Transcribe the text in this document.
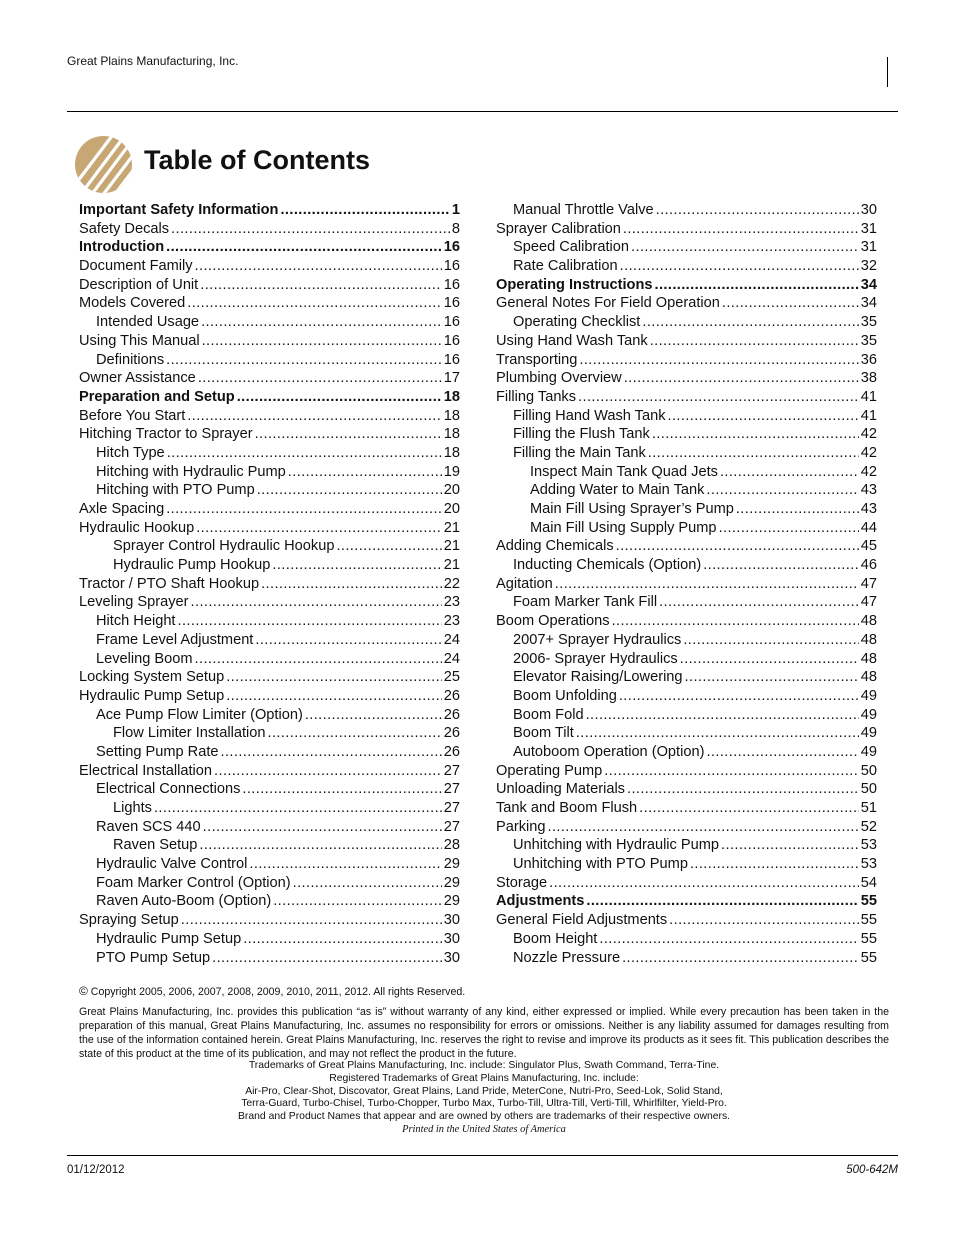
Great Plains Manufacturing, Inc.
Table of Contents
Important Safety Information .....	1
Safety Decals .....	8
Introduction .....	16
Document Family .....	16
Description of Unit .....	16
Models Covered .....	16
Intended Usage .....	16
Using This Manual .....	16
Definitions .....	16
Owner Assistance .....	17
Preparation and Setup .....	18
Before You Start .....	18
Hitching Tractor to Sprayer .....	18
Hitch Type .....	18
Hitching with Hydraulic Pump .....	19
Hitching with PTO Pump .....	20
Axle Spacing .....	20
Hydraulic Hookup .....	21
Sprayer Control Hydraulic Hookup .....	21
Hydraulic Pump Hookup .....	21
Tractor / PTO Shaft Hookup .....	22
Leveling Sprayer .....	23
Hitch Height .....	23
Frame Level Adjustment .....	24
Leveling Boom .....	24
Locking System Setup .....	25
Hydraulic Pump Setup .....	26
Ace Pump Flow Limiter (Option) .....	26
Flow Limiter Installation .....	26
Setting Pump Rate .....	26
Electrical Installation .....	27
Electrical Connections .....	27
Lights .....	27
Raven SCS 440 .....	27
Raven Setup .....	28
Hydraulic Valve Control .....	29
Foam Marker Control (Option) .....	29
Raven Auto-Boom (Option) .....	29
Spraying Setup .....	30
Hydraulic Pump Setup .....	30
PTO Pump Setup .....	30
Manual Throttle Valve .....	30
Sprayer Calibration .....	31
Speed Calibration .....	31
Rate Calibration .....	32
Operating Instructions .....	34
General Notes For Field Operation .....	34
Operating Checklist .....	35
Using Hand Wash Tank .....	35
Transporting .....	36
Plumbing Overview .....	38
Filling Tanks .....	41
Filling Hand Wash Tank .....	41
Filling the Flush Tank .....	42
Filling the Main Tank .....	42
Inspect Main Tank Quad Jets .....	42
Adding Water to Main Tank .....	43
Main Fill Using Sprayer’s Pump .....	43
Main Fill Using Supply Pump .....	44
Adding Chemicals .....	45
Inducting Chemicals (Option) .....	46
Agitation .....	47
Foam Marker Tank Fill .....	47
Boom Operations .....	48
2007+ Sprayer Hydraulics .....	48
2006- Sprayer Hydraulics .....	48
Elevator Raising/Lowering .....	48
Boom Unfolding .....	49
Boom Fold .....	49
Boom Tilt .....	49
Autoboom Operation (Option) .....	49
Operating Pump .....	50
Unloading Materials .....	50
Tank and Boom Flush .....	51
Parking .....	52
Unhitching with Hydraulic Pump .....	53
Unhitching with PTO Pump .....	53
Storage .....	54
Adjustments .....	55
General Field Adjustments .....	55
Boom Height .....	55
Nozzle Pressure .....	55
© Copyright 2005, 2006, 2007, 2008, 2009, 2010, 2011, 2012. All rights Reserved.
Great Plains Manufacturing, Inc. provides this publication “as is” without warranty of any kind, either expressed or implied. While every precaution has been taken in the preparation of this manual, Great Plains Manufacturing, Inc. assumes no responsibility for errors or omissions. Neither is any liability assumed for damages resulting from the use of the information contained herein. Great Plains Manufacturing, Inc. reserves the right to revise and improve its products as it sees fit. This publication describes the state of this product at the time of its publication, and may not reflect the product in the future.
Trademarks of Great Plains Manufacturing, Inc. include: Singulator Plus, Swath Command, Terra-Tine.
Registered Trademarks of Great Plains Manufacturing, Inc. include:
Air-Pro, Clear-Shot, Discovator, Great Plains, Land Pride, MeterCone, Nutri-Pro, Seed-Lok, Solid Stand,
Terra-Guard, Turbo-Chisel, Turbo-Chopper, Turbo Max, Turbo-Till, Ultra-Till, Verti-Till, Whirlfilter, Yield-Pro.
Brand and Product Names that appear and are owned by others are trademarks of their respective owners.
Printed in the United States of America
01/12/2012	500-642M
